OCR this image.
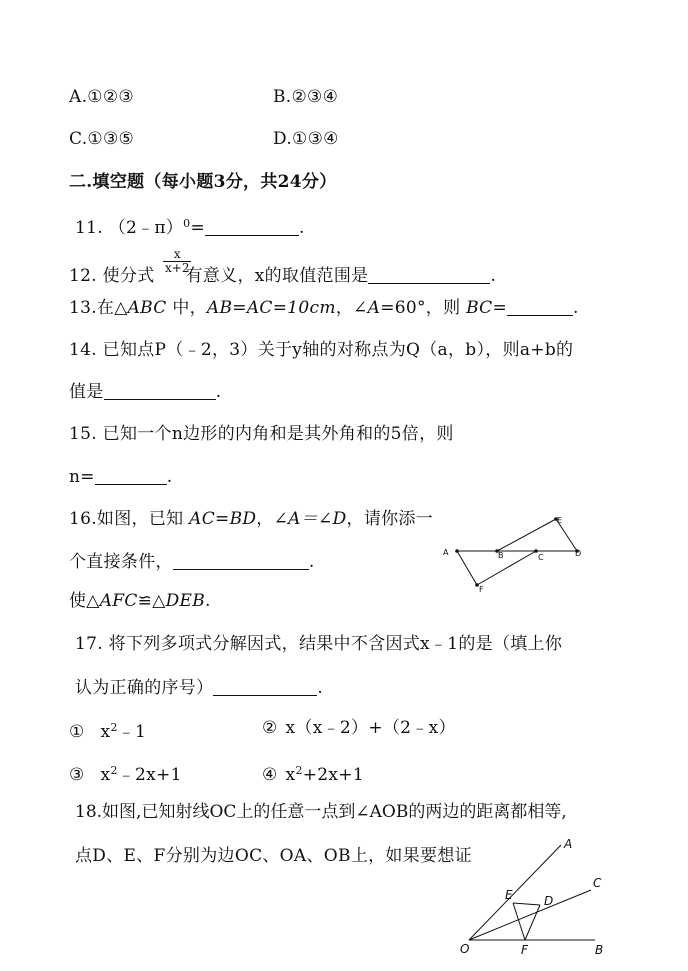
A.①②③	B.②③④
C.①③⑤	D.①③④
二.填空题（每小题3分，共24分）
11. （2﹣π）$^0$=	.
$\frac{x}{x+2}$
12. 使分式 有意义，x的取值范围是	.
13.在△ABC 中，AB=AC=10cm，∠A=60°，则 BC=	.
14. 已知点P（﹣2，3）关于y轴的对称点为Q（a，b），则a+b的
值是	.
15. 已知一个n边形的内角和是其外角和的5倍，则
n=	.
16.如图，已知 AC=BD，∠A＝∠D，请你添一
个直接条件，	.
使△AFC≌△DEB.
A	B	C	D
E
F
17. 将下列多项式分解因式，结果中不含因式x﹣1的是（填上你
认为正确的序号）	.
① $x^2﹣1$	② x（x﹣2）+（2﹣x）
③ $x^2﹣2x+1$	④ $x^2+2x+1$
18.如图,已知射线OC上的任意一点到∠AOB的两边的距离都相等,
点D、E、F分别为边OC、OA、OB上，如果要想证
A
C
E	D
O	F	B
